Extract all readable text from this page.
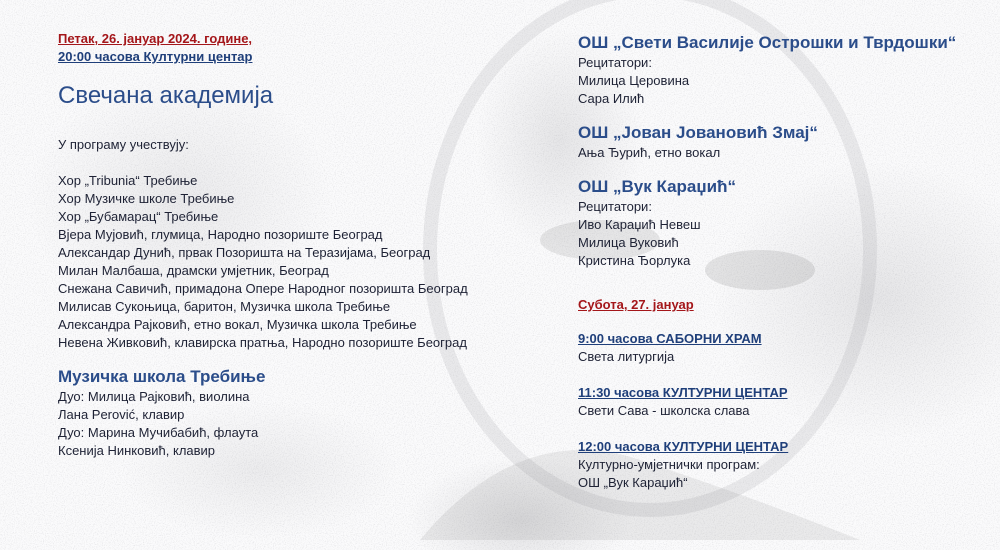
Петак, 26. јануар 2024. године,
20:00 часова Културни центар
Свечана академија
У програму учествују:
Хор „Tribunia“ Требиње
Хор Музичке школе Требиње
Хор „Бубамарац“ Требиње
Вјера Мујовић, глумица, Народно позориште Београд
Александар Дунић, првак Позоришта на Теразијама, Београд
Милан Малбаша, драмски умјетник, Београд
Снежана Савичић, примадона Опере Народног позоришта Београд
Милисав Сукоњица, баритон, Музичка школа Требиње
Александра Рајковић, етно вокал, Музичка школа Требиње
Невена Живковић, клавирска пратња, Народно позориште Београд
Музичка школа Требиње
Дуо: Милица Рајковић, виолина
Лана Perović, клавир
Дуо: Марина Мучибабић, флаута
Ксенија Нинковић, клавир
ОШ „Свети Василије Острошки и Тврдошки“
Рецитатори:
Милица Церовина
Сара Илић
ОШ „Јован Јовановић Змај“
Ања Ђурић, етно вокал
ОШ „Вук Караџић“
Рецитатори:
Иво Караџић Невеш
Милица Вуковић
Кристина Ђорлука
Субота, 27. јануар
9:00 часова САБОРНИ ХРАМ
Света литургија
11:30 часова КУЛТУРНИ ЦЕНТАР
Свети Сава - школска слава
12:00 часова КУЛТУРНИ ЦЕНТАР
Културно-умјетнички програм:
ОШ „Вук Караџић“
